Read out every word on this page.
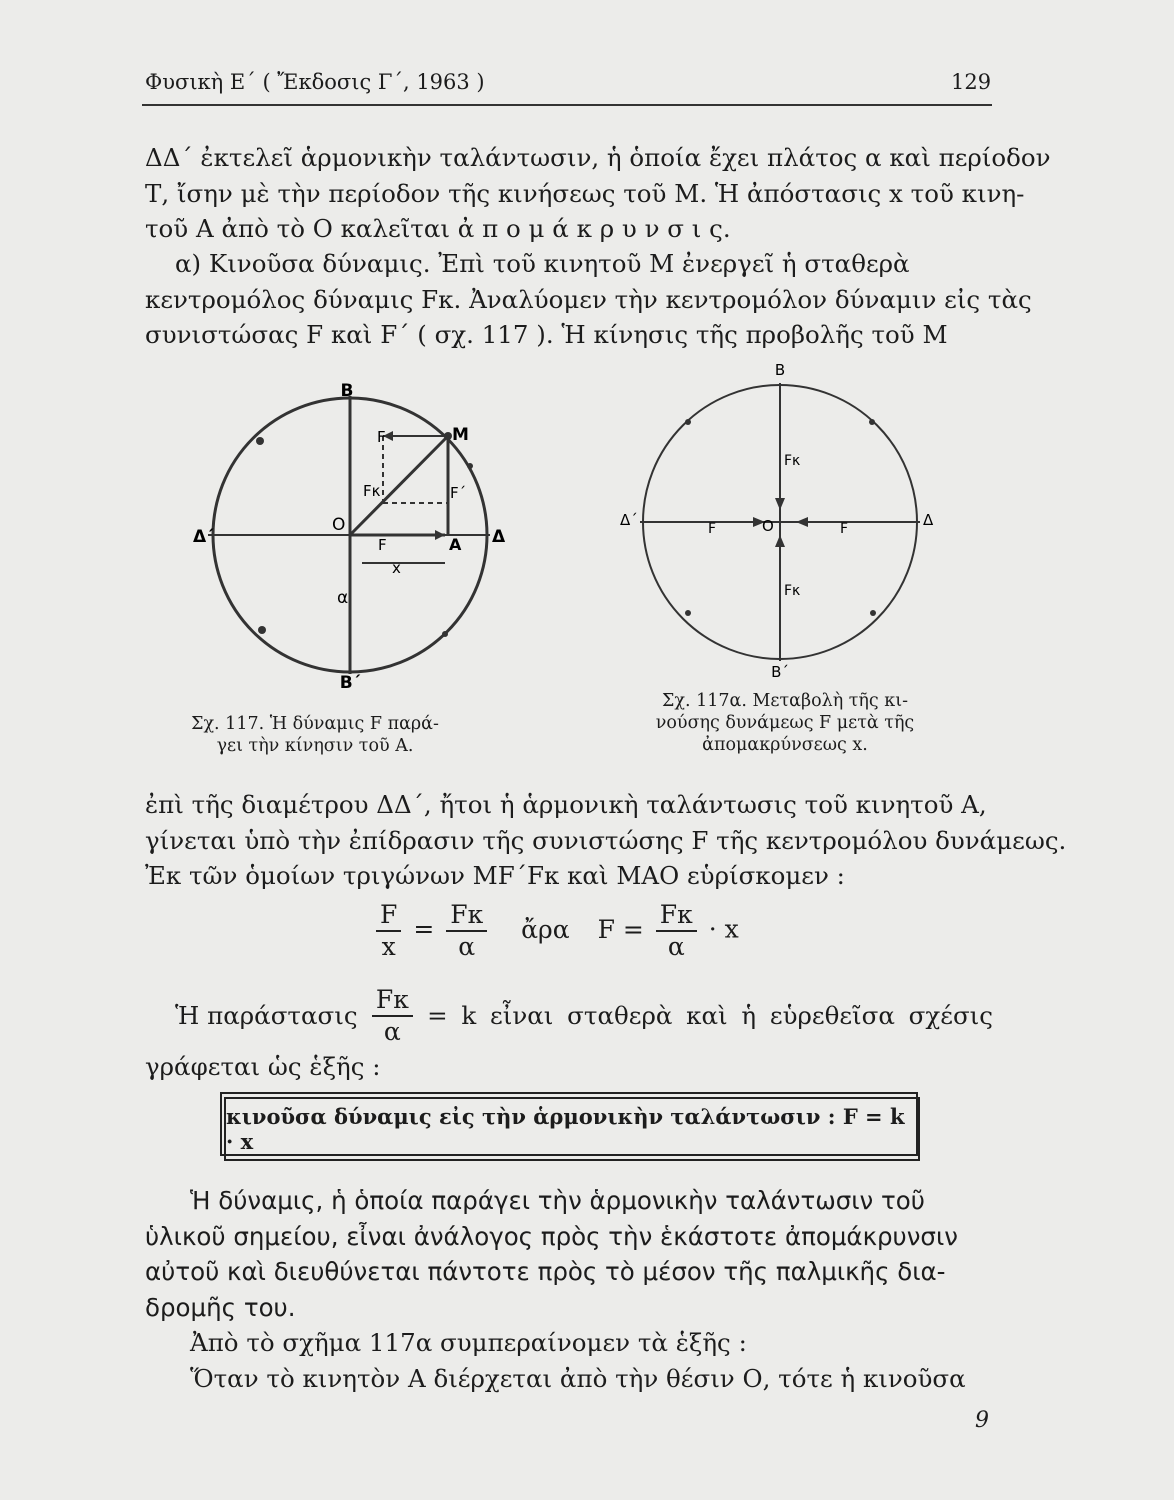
Φυσικὴ Ε΄ ( Ἔκδοσις Γ΄, 1963 )	129
ΔΔ΄ ἐκτελεῖ ἁρμονικὴν ταλάντωσιν, ἡ ὁποία ἔχει πλάτος α καὶ περίοδον
Τ, ἴσην μὲ τὴν περίοδον τῆς κινήσεως τοῦ Μ. Ἡ ἀπόστασις x τοῦ κινη-
τοῦ Α ἀπὸ τὸ Ο καλεῖται ἀ π ο μ ά κ ρ υ ν σ ι ς.
α) Κινοῦσα δύναμις. Ἐπὶ τοῦ κινητοῦ Μ ἐνεργεῖ ἡ σταθερὰ
κεντρομόλος δύναμις Fκ. Ἀναλύομεν τὴν κεντρομόλον δύναμιν εἰς τὰς
συνιστώσας F καὶ F΄ ( σχ. 117 ). Ἡ κίνησις τῆς προβολῆς τοῦ Μ
B
B΄
M
O
A
Δ΄	Δ
F
F΄
F
Fκ
x
α
Σχ. 117. Ἡ δύναμις F παρά-
γει τὴν κίνησιν τοῦ Α.
B
B΄
O
Δ΄	Δ
F	F
Fκ
Fκ
Σχ. 117α. Μεταβολὴ τῆς κι-
νούσης δυνάμεως F μετὰ τῆς
ἀπομακρύνσεως x.
ἐπὶ τῆς διαμέτρου ΔΔ΄, ἤτοι ἡ ἁρμονικὴ ταλάντωσις τοῦ κινητοῦ Α,
γίνεται ὑπὸ τὴν ἐπίδρασιν τῆς συνιστώσης F τῆς κεντρομόλου δυνάμεως.
Ἐκ τῶν ὁμοίων τριγώνων ΜF΄Fκ καὶ ΜΑΟ εὑρίσκομεν :
$\frac{F}{x} = \frac{F\kappa}{\alpha}$ ἄρα $F = \frac{F\kappa}{\alpha} \cdot x$
Ἡ παράστασις $\frac{F\kappa}{\alpha} = k$ εἶναι σταθερὰ καὶ ἡ εὑρεθεῖσα σχέσις
γράφεται ὡς ἑξῆς :
κινοῦσα δύναμις εἰς τὴν ἁρμονικὴν ταλάντωσιν : F = k · x
Ἡ δύναμις, ἡ ὁποία παράγει τὴν ἁρμονικὴν ταλάντωσιν τοῦ
ὑλικοῦ σημείου, εἶναι ἀνάλογος πρὸς τὴν ἑκάστοτε ἀπομάκρυνσιν
αὐτοῦ καὶ διευθύνεται πάντοτε πρὸς τὸ μέσον τῆς παλμικῆς δια-
δρομῆς του.
Ἀπὸ τὸ σχῆμα 117α συμπεραίνομεν τὰ ἑξῆς :
Ὅταν τὸ κινητὸν Α διέρχεται ἀπὸ τὴν θέσιν Ο, τότε ἡ κινοῦσα
9
